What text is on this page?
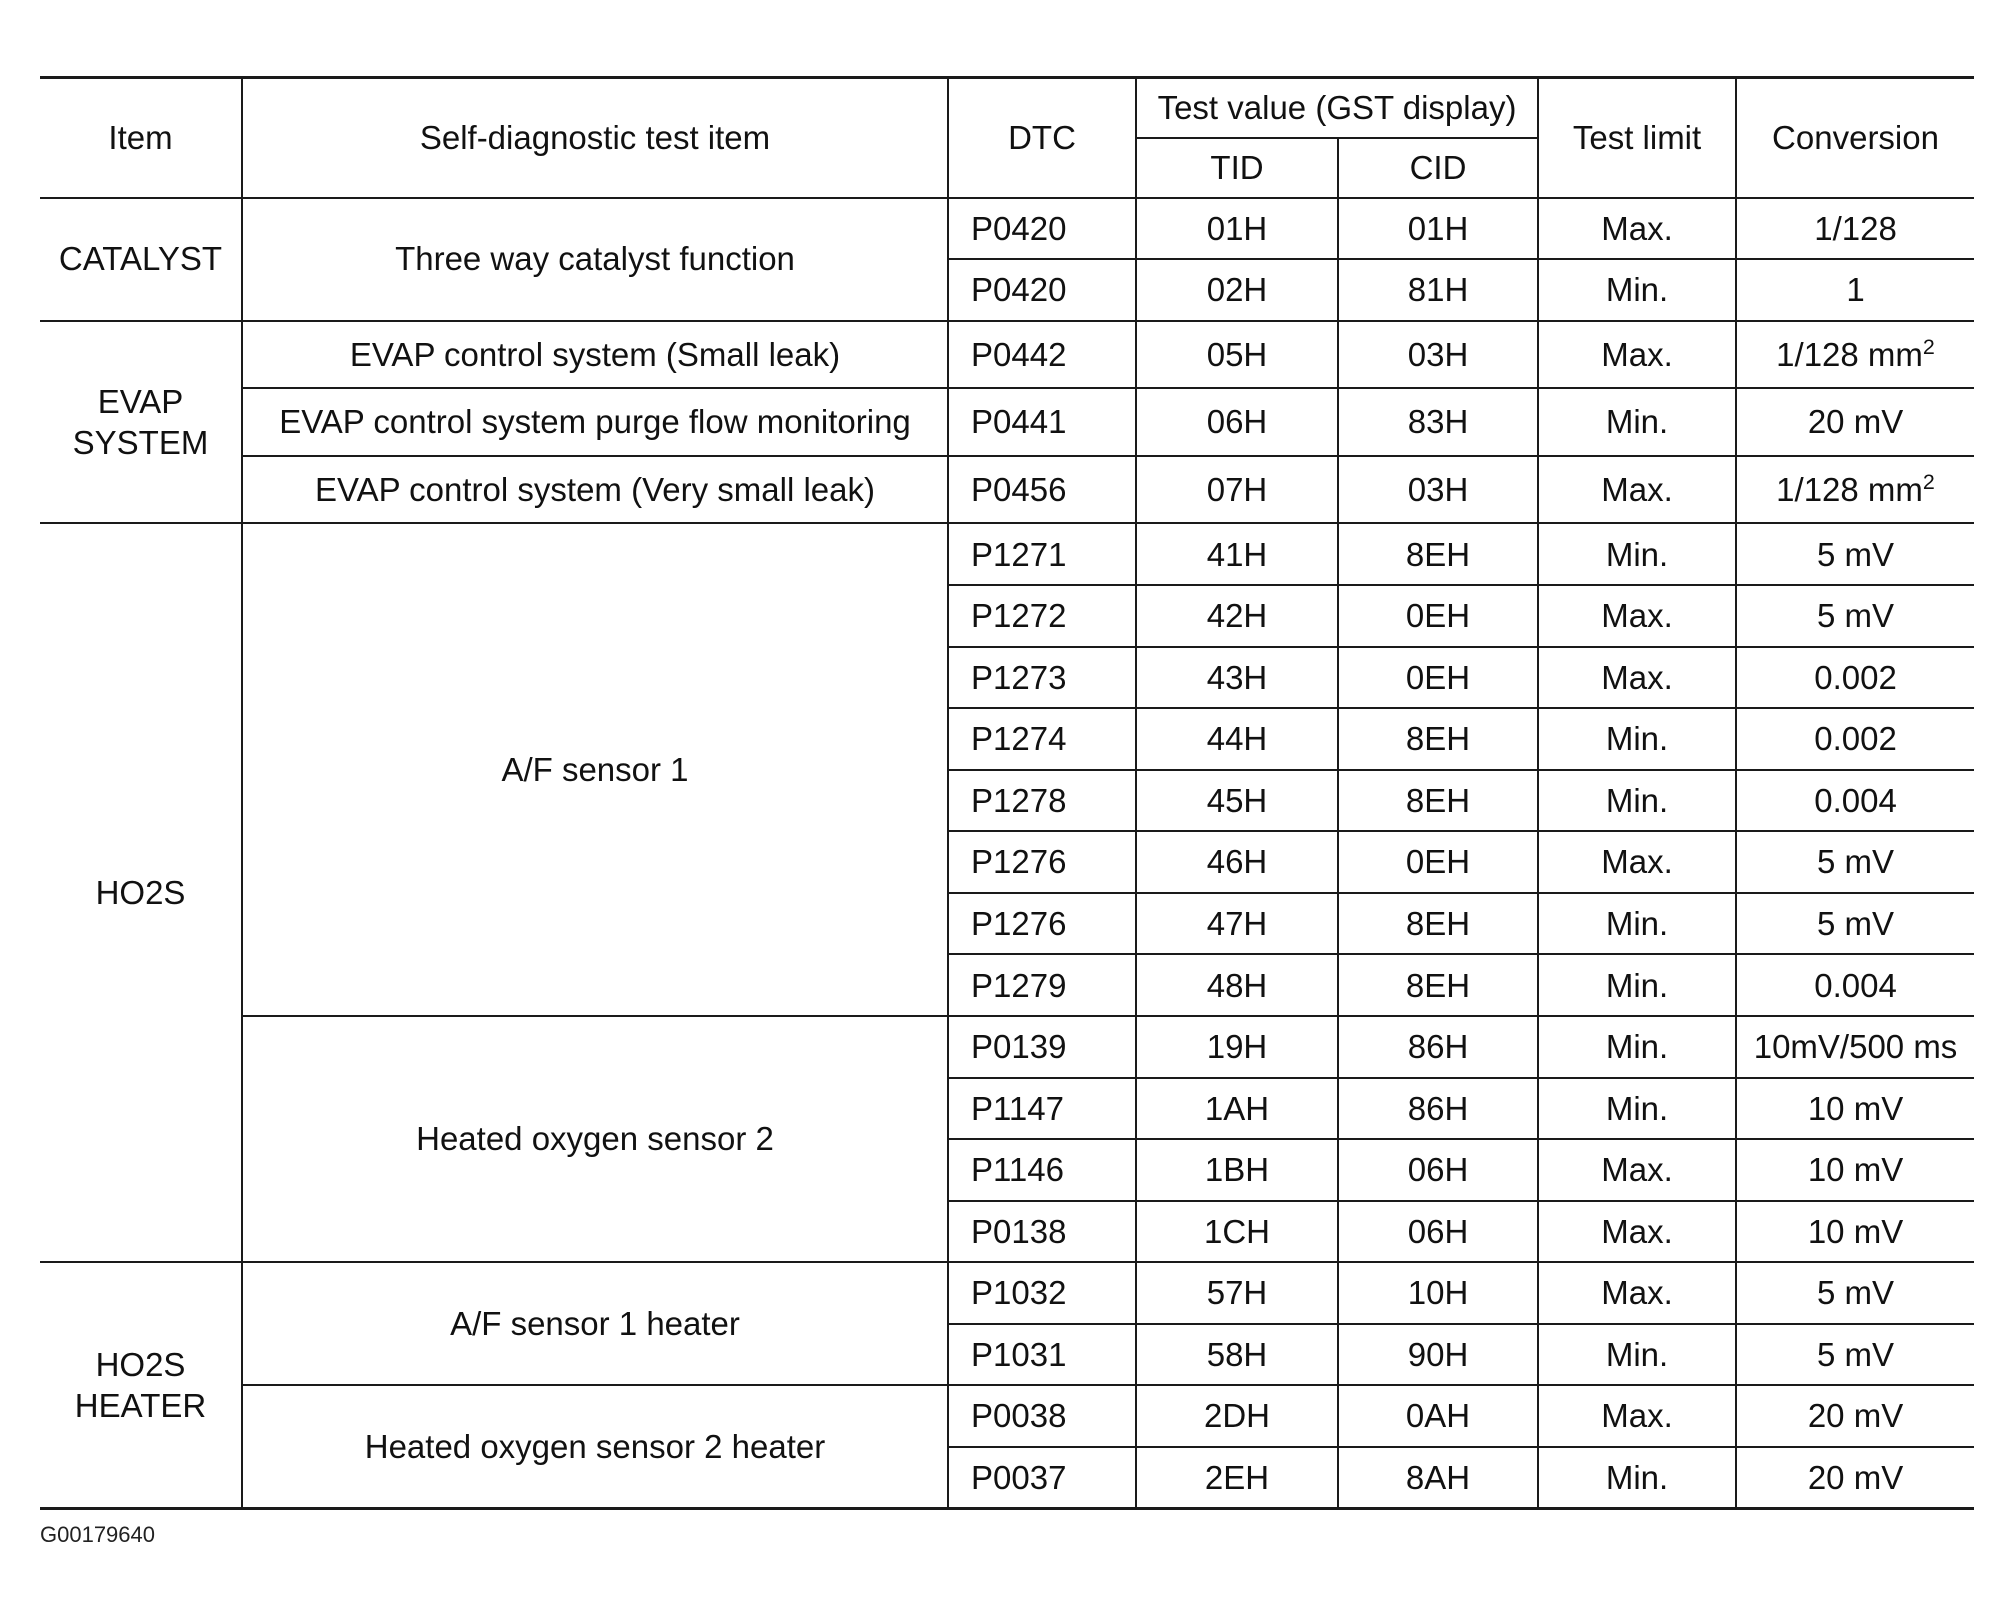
Item	Self-diagnostic test item	DTC	Test value (GST display)		Test limit	Conversion
			TID	CID		
CATALYST	Three way catalyst function	P0420	01H	01H	Max.	1/128
		P0420	02H	81H	Min.	1
EVAP SYSTEM	EVAP control system (Small leak)	P0442	05H	03H	Max.	1/128 $mm^2$
	EVAP control system purge flow monitoring	P0441	06H	83H	Min.	20 mV
	EVAP control system (Very small leak)	P0456	07H	03H	Max.	1/128 $mm^2$
HO2S	A/F sensor 1	P1271	41H	8EH	Min.	5 mV
		P1272	42H	0EH	Max.	5 mV
		P1273	43H	0EH	Max.	0.002
		P1274	44H	8EH	Min.	0.002
		P1278	45H	8EH	Min.	0.004
		P1276	46H	0EH	Max.	5 mV
		P1276	47H	8EH	Min.	5 mV
		P1279	48H	8EH	Min.	0.004
	Heated oxygen sensor 2	P0139	19H	86H	Min.	10mV/500 ms
		P1147	1AH	86H	Min.	10 mV
		P1146	1BH	06H	Max.	10 mV
		P0138	1CH	06H	Max.	10 mV
HO2S HEATER	A/F sensor 1 heater	P1032	57H	10H	Max.	5 mV
		P1031	58H	90H	Min.	5 mV
	Heated oxygen sensor 2 heater	P0038	2DH	0AH	Max.	20 mV
		P0037	2EH	8AH	Min.	20 mV
G00179640
